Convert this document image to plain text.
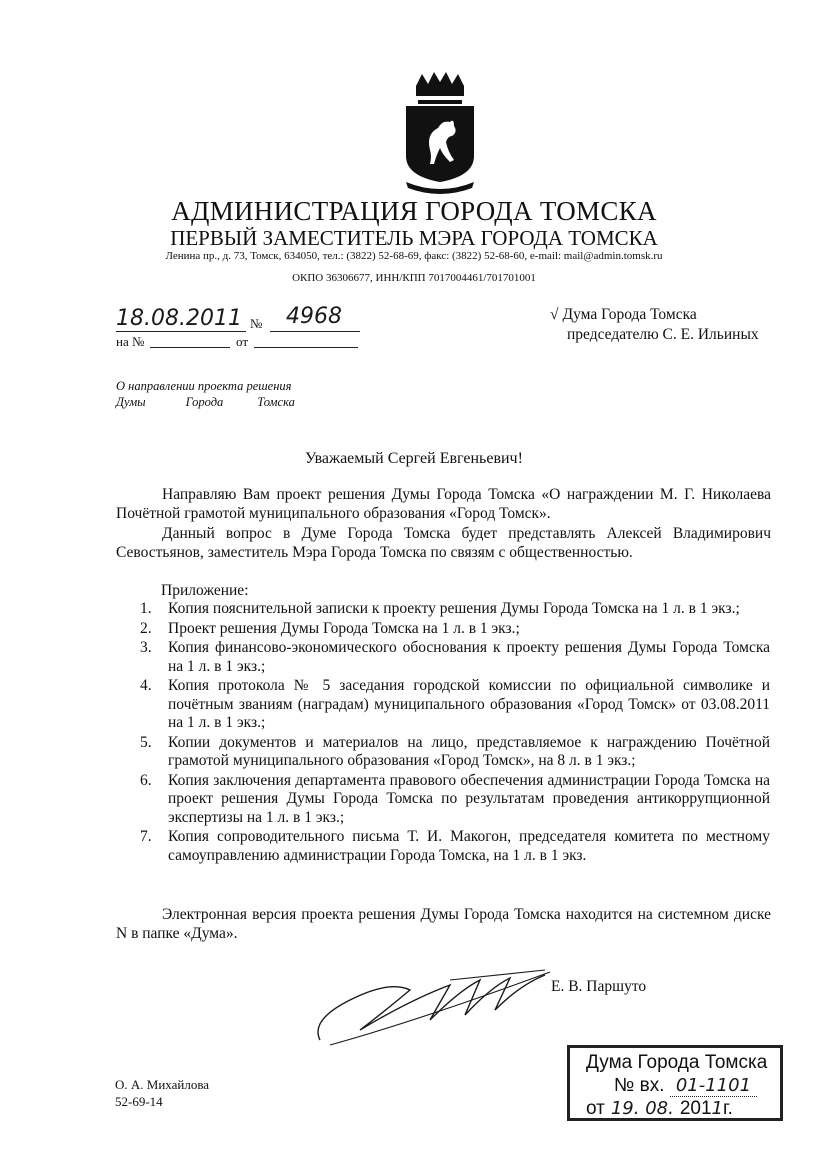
АДМИНИСТРАЦИЯ ГОРОДА ТОМСКА
ПЕРВЫЙ ЗАМЕСТИТЕЛЬ МЭРА ГОРОДА ТОМСКА
Ленина пр., д. 73, Томск, 634050, тел.: (3822) 52-68-69, факс: (3822) 52-68-60, e-mail: mail@admin.tomsk.ru
ОКПО 36306677, ИНН/КПП 7017004461/701701001
18.08.2011 № 4968
на №	от
√ Дума Города Томска
председателю С. Е. Ильиных
О направлении проекта решения
Думы	Города	Томска
Уважаемый Сергей Евгеньевич!
Направляю Вам проект решения Думы Города Томска «О награждении М. Г. Николаева Почётной грамотой муниципального образования «Город Томск».
Данный вопрос в Думе Города Томска будет представлять Алексей Владимирович Севостьянов, заместитель Мэра Города Томска по связям с общественностью.
Приложение:
1. Копия пояснительной записки к проекту решения Думы Города Томска на 1 л. в 1 экз.;
2. Проект решения Думы Города Томска на 1 л. в 1 экз.;
3. Копия финансово-экономического обоснования к проекту решения Думы Города Томска на 1 л. в 1 экз.;
4. Копия протокола № 5 заседания городской комиссии по официальной символике и почётным званиям (наградам) муниципального образования «Город Томск» от 03.08.2011 на 1 л. в 1 экз.;
5. Копии документов и материалов на лицо, представляемое к награждению Почётной грамотой муниципального образования «Город Томск», на 8 л. в 1 экз.;
6. Копия заключения департамента правового обеспечения администрации Города Томска на проект решения Думы Города Томска по результатам проведения антикоррупционной экспертизы на 1 л. в 1 экз.;
7. Копия сопроводительного письма Т. И. Макогон, председателя комитета по местному самоуправлению администрации Города Томска, на 1 л. в 1 экз.
Электронная версия проекта решения Думы Города Томска находится на системном диске N в папке «Дума».
Е. В. Паршуто
О. А. Михайлова
52-69-14
Дума Города Томска
№ вх. 01-1101
от 19. 08. 2011г.
